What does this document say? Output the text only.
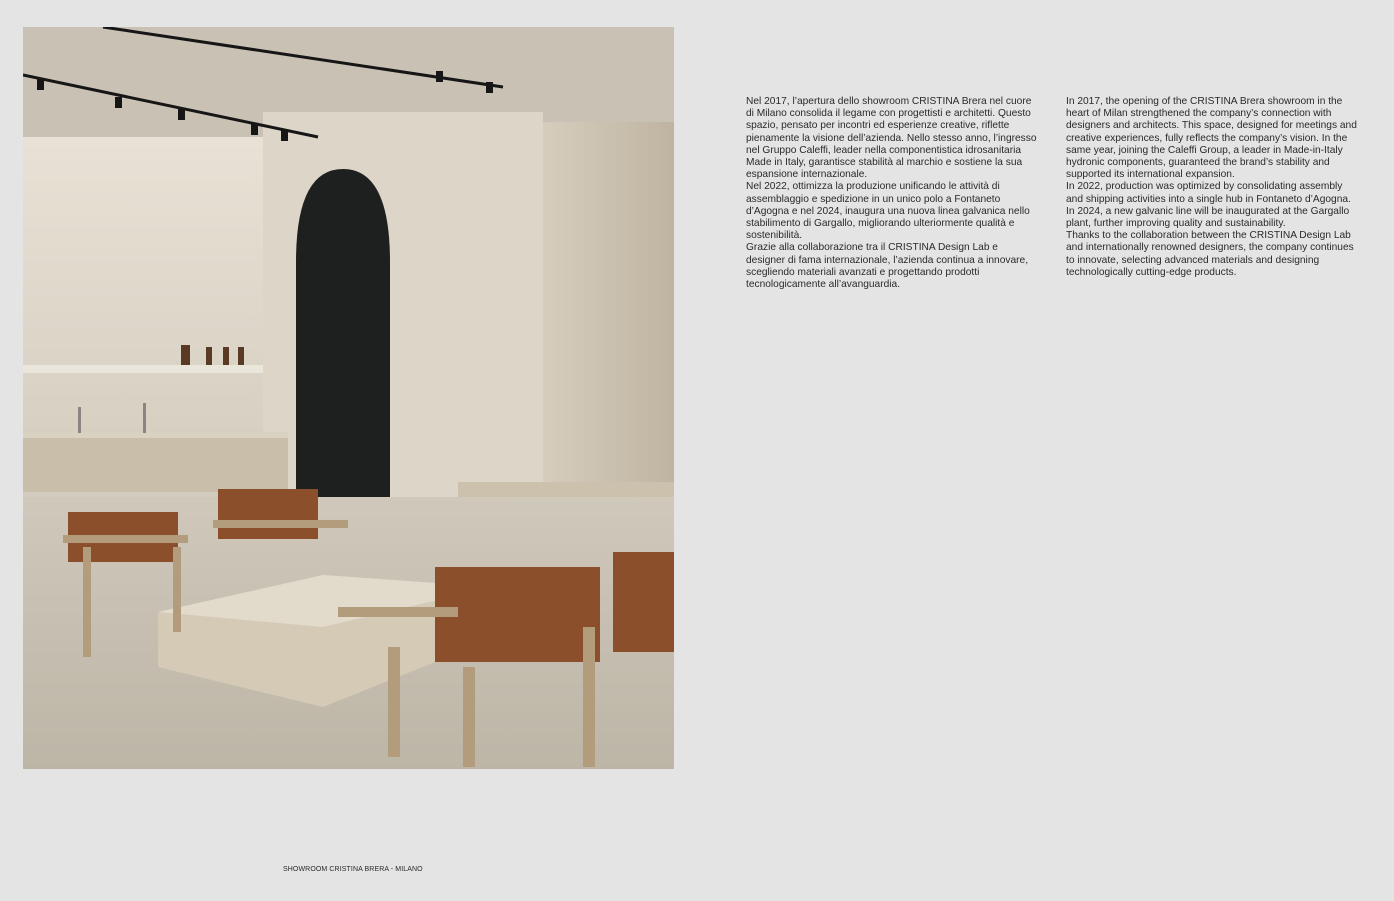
SHOWROOM CRISTINA BRERA - MILANO

Nel 2017, l’apertura dello showroom CRISTINA Brera nel cuore di Milano consolida il legame con progettisti e architetti. Questo spazio, pensato per incontri ed esperienze creative, riflette pienamente la visione dell’azienda. Nello stesso anno, l’ingresso nel Gruppo Caleffi, leader nella componentistica idrosanitaria Made in Italy, garantisce stabilità al marchio e sostiene la sua espansione internazionale.

Nel 2022, ottimizza la produzione unificando le attività di assemblaggio e spedizione in un unico polo a Fontaneto d’Agogna e nel 2024, inaugura una nuova linea galvanica nello stabilimento di Gargallo, migliorando ulteriormente qualità e sostenibilità.

Grazie alla collaborazione tra il CRISTINA Design Lab e designer di fama internazionale, l’azienda continua a innovare, scegliendo materiali avanzati e progettando prodotti tecnologicamente all’avanguardia.

In 2017, the opening of the CRISTINA Brera showroom in the heart of Milan strengthened the company’s connection with designers and architects. This space, designed for meetings and creative experiences, fully reflects the company’s vision. In the same year, joining the Caleffi Group, a leader in Made-in-Italy hydronic components, guaranteed the brand’s stability and supported its international expansion.

In 2022, production was optimized by consolidating assembly and shipping activities into a single hub in Fontaneto d’Agogna. In 2024, a new galvanic line will be inaugurated at the Gargallo plant, further improving quality and sustainability.

Thanks to the collaboration between the CRISTINA Design Lab and internationally renowned designers, the company continues to innovate, selecting advanced materials and designing technologically cutting-edge products.
